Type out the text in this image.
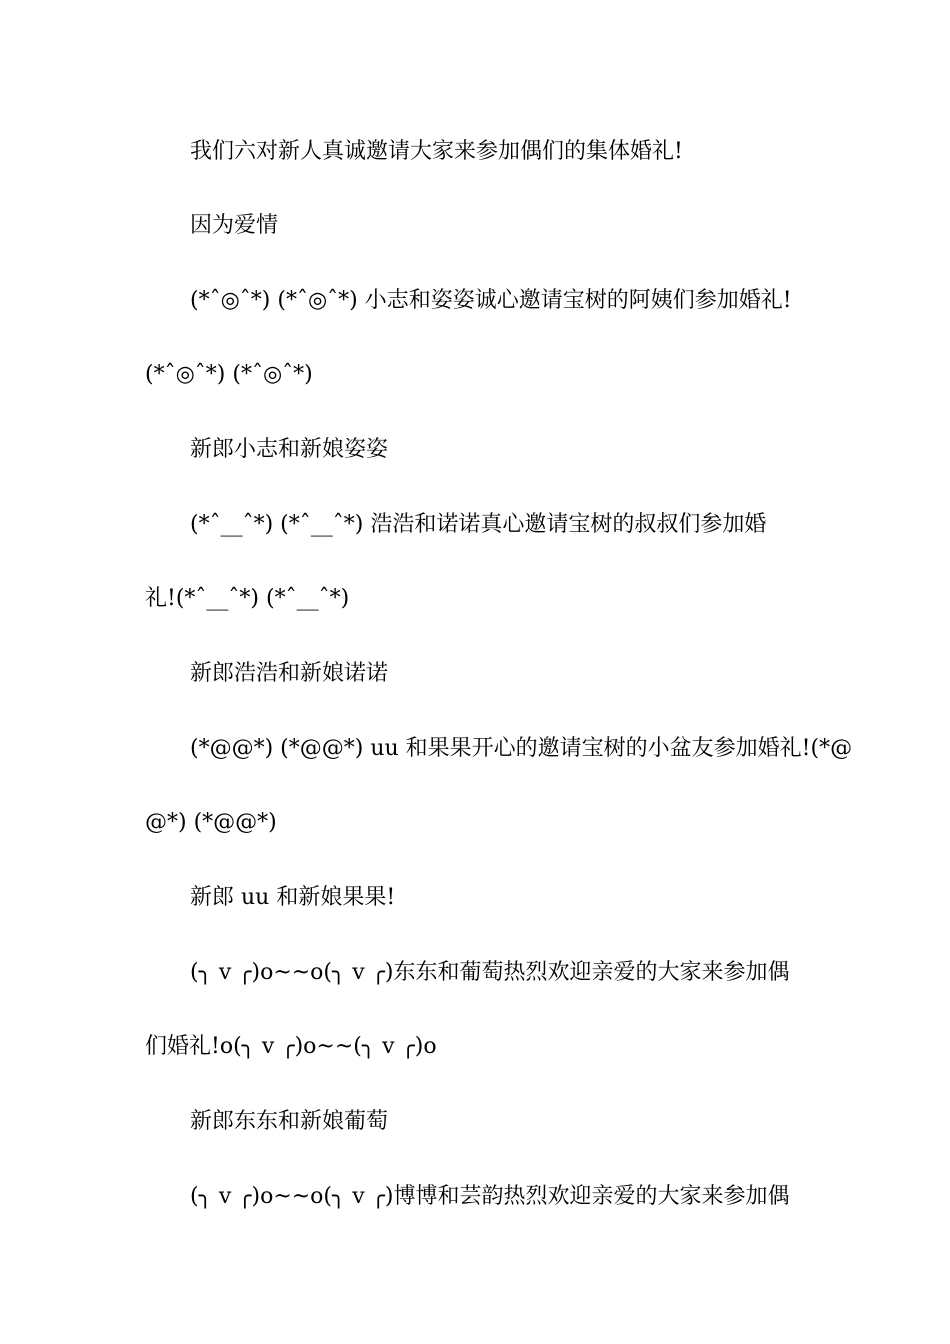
我们六对新人真诚邀请大家来参加偶们的集体婚礼!
因为爱情
(*ˆ◎ˆ*) (*ˆ◎ˆ*) 小志和姿姿诚心邀请宝树的阿姨们参加婚礼!
(*ˆ◎ˆ*) (*ˆ◎ˆ*)
新郎小志和新娘姿姿
(*ˆ__ˆ*) (*ˆ__ˆ*) 浩浩和诺诺真心邀请宝树的叔叔们参加婚
礼!(*ˆ__ˆ*) (*ˆ__ˆ*)
新郎浩浩和新娘诺诺
(*@@*) (*@@*) uu 和果果开心的邀请宝树的小盆友参加婚礼!(*@
@*) (*@@*)
新郎 uu 和新娘果果!
(╮ v ╭)o~~o(╮ v ╭)东东和葡萄热烈欢迎亲爱的大家来参加偶
们婚礼!o(╮ v ╭)o~~(╮ v ╭)o
新郎东东和新娘葡萄
(╮ v ╭)o~~o(╮ v ╭)博博和芸韵热烈欢迎亲爱的大家来参加偶
